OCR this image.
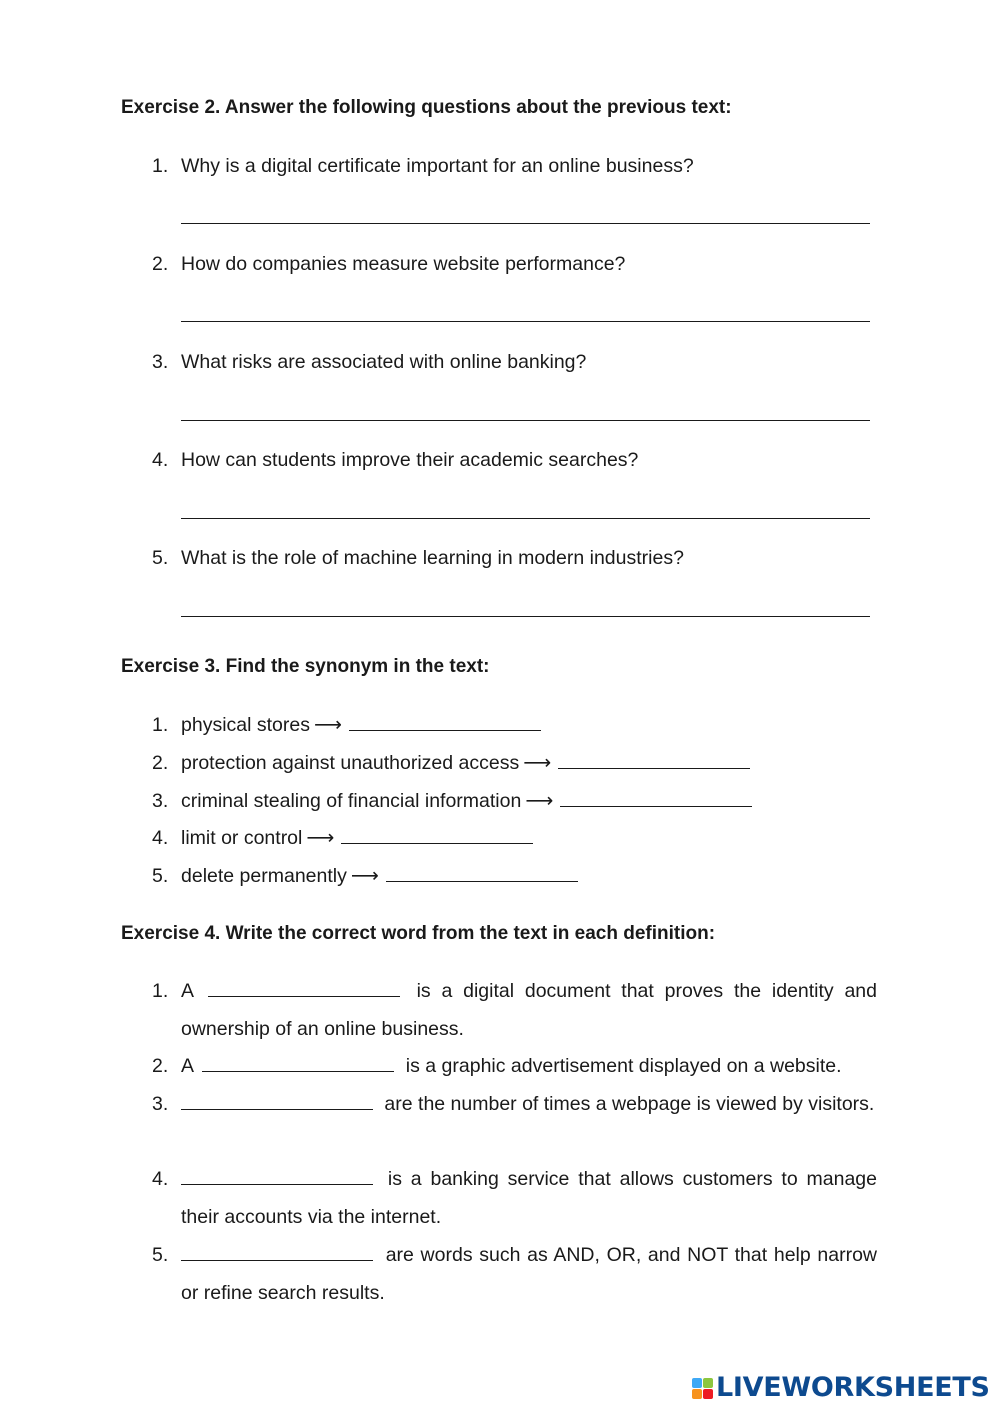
Exercise 2. Answer the following questions about the previous text:
1. Why is a digital certificate important for an online business?
2. How do companies measure website performance?
3. What risks are associated with online banking?
4. How can students improve their academic searches?
5. What is the role of machine learning in modern industries?
Exercise 3. Find the synonym in the text:
1. physical stores ⟶
2. protection against unauthorized access ⟶
3. criminal stealing of financial information ⟶
4. limit or control ⟶
5. delete permanently ⟶
Exercise 4. Write the correct word from the text in each definition:
1. A	is a digital document that proves the identity and ownership of an online business.
2. A	is a graphic advertisement displayed on a website.
3.	are the number of times a webpage is viewed by visitors.
4.	is a banking service that allows customers to manage their accounts via the internet.
5.	are words such as AND, OR, and NOT that help narrow or refine search results.
LIVEWORKSHEETS
